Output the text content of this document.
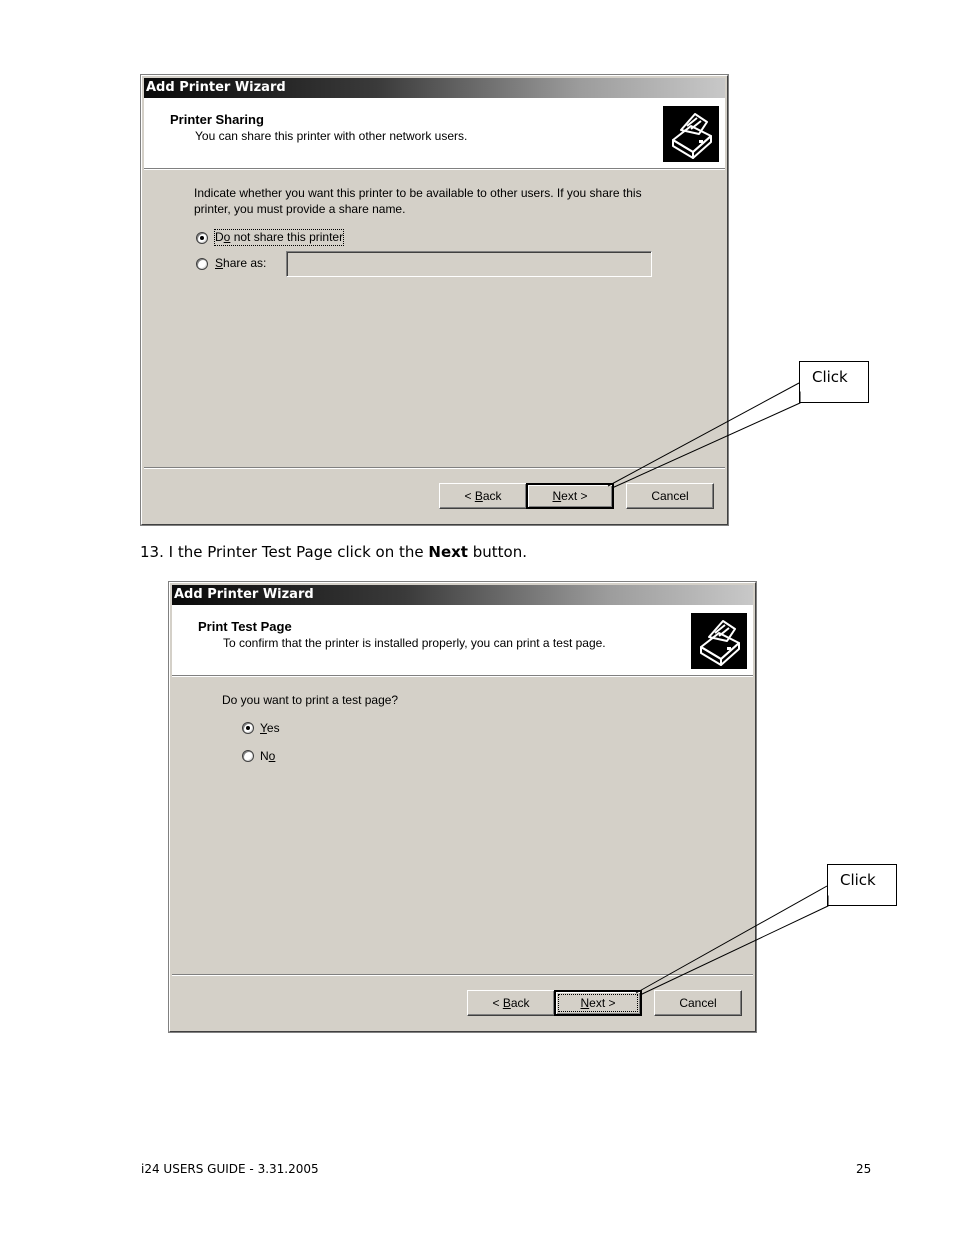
Add Printer Wizard
Printer Sharing
You can share this printer with other network users.
Indicate whether you want this printer to be available to other users. If you share this
printer, you must provide a share name.
Do not share this printer
Share as:
< Back	Next >	Cancel
Click
13. I the Printer Test Page click on the Next button.
Add Printer Wizard
Print Test Page
To confirm that the printer is installed properly, you can print a test page.
Do you want to print a test page?
Yes
No
< Back	Next >	Cancel
Click
i24 USERS GUIDE - 3.31.2005	25
